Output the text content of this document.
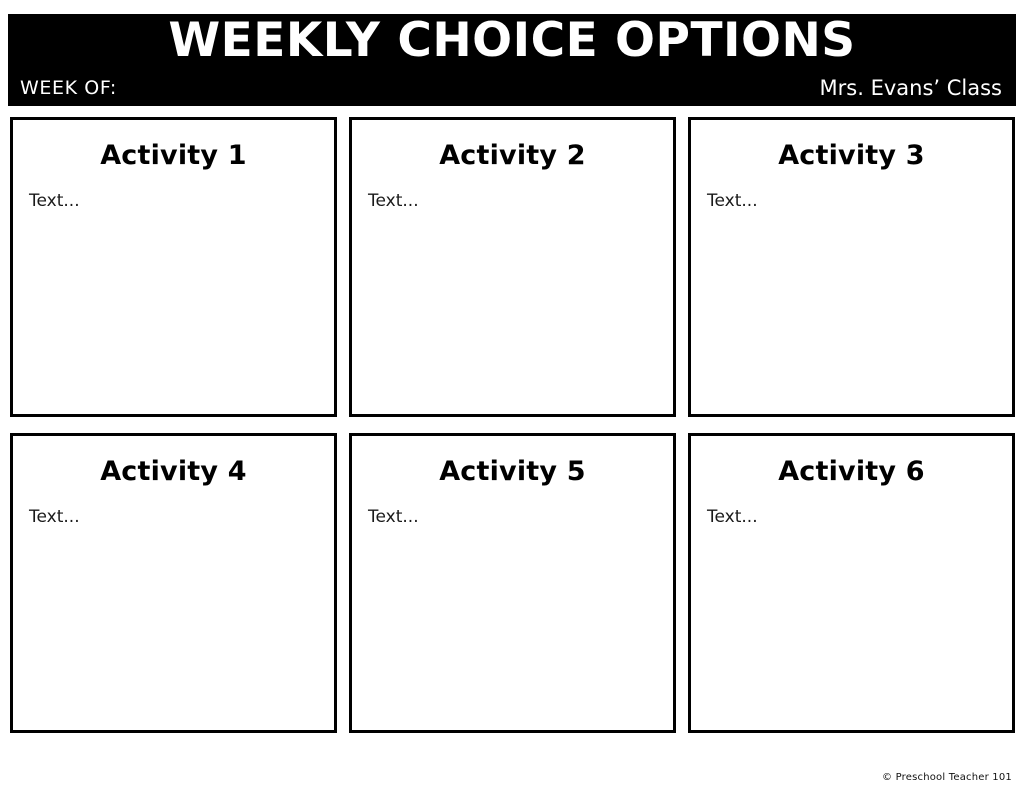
WEEKLY CHOICE OPTIONS
WEEK OF:	Mrs. Evans’ Class
Activity 1
Text...
Activity 2
Text...
Activity 3
Text...
Activity 4
Text...
Activity 5
Text...
Activity 6
Text...
© Preschool Teacher 101
